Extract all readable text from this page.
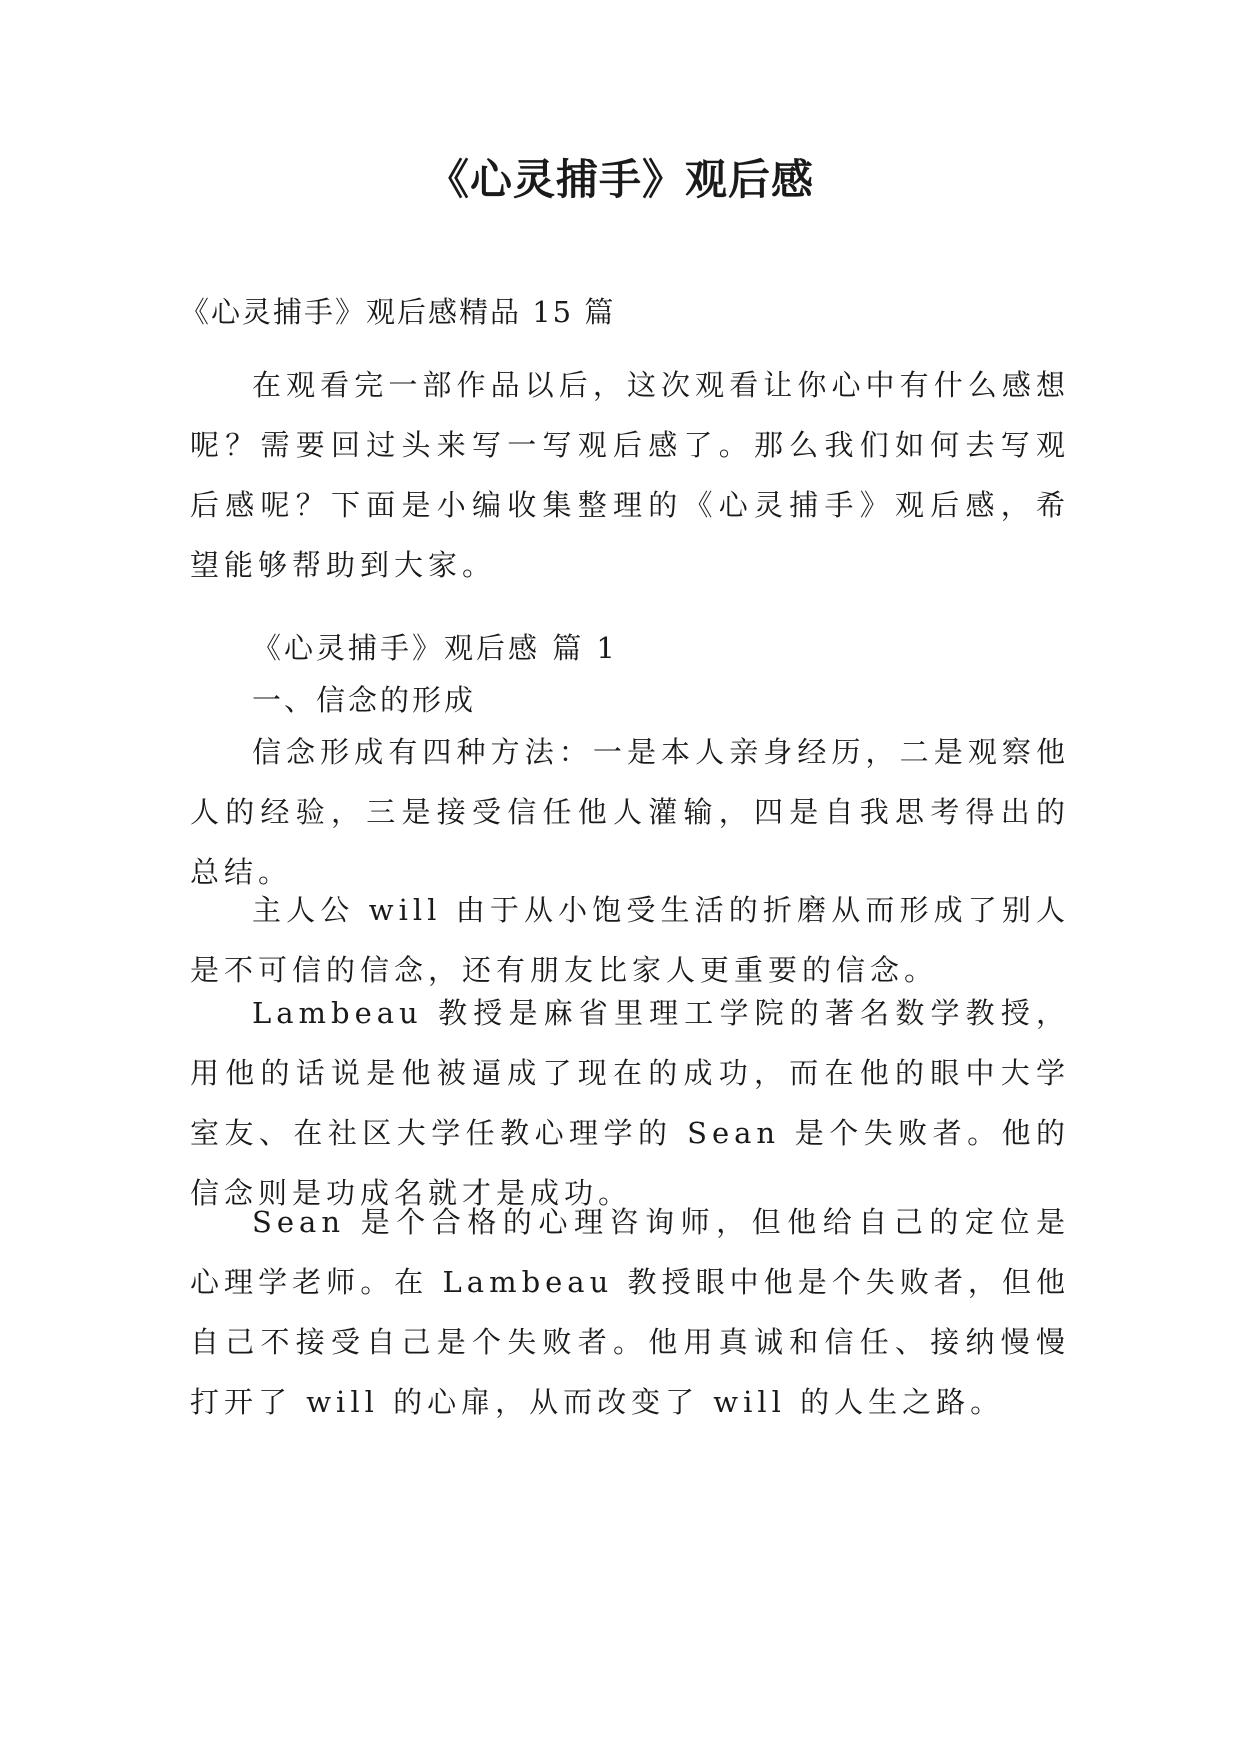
《心灵捕手》观后感
《心灵捕手》观后感精品 15 篇

在观看完一部作品以后，这次观看让你心中有什么感想呢？需要回过头来写一写观后感了。那么我们如何去写观后感呢？下面是小编收集整理的《心灵捕手》观后感，希望能够帮助到大家。

《心灵捕手》观后感 篇 1

一、信念的形成

信念形成有四种方法：一是本人亲身经历，二是观察他人的经验，三是接受信任他人灌输，四是自我思考得出的总结。

主人公 will 由于从小饱受生活的折磨从而形成了别人是不可信的信念，还有朋友比家人更重要的信念。

Lambeau 教授是麻省里理工学院的著名数学教授，用他的话说是他被逼成了现在的成功，而在他的眼中大学室友、在社区大学任教心理学的 Sean 是个失败者。他的信念则是功成名就才是成功。

Sean 是个合格的心理咨询师，但他给自己的定位是心理学老师。在 Lambeau 教授眼中他是个失败者，但他自己不接受自己是个失败者。他用真诚和信任、接纳慢慢打开了 will 的心扉，从而改变了 will 的人生之路。
